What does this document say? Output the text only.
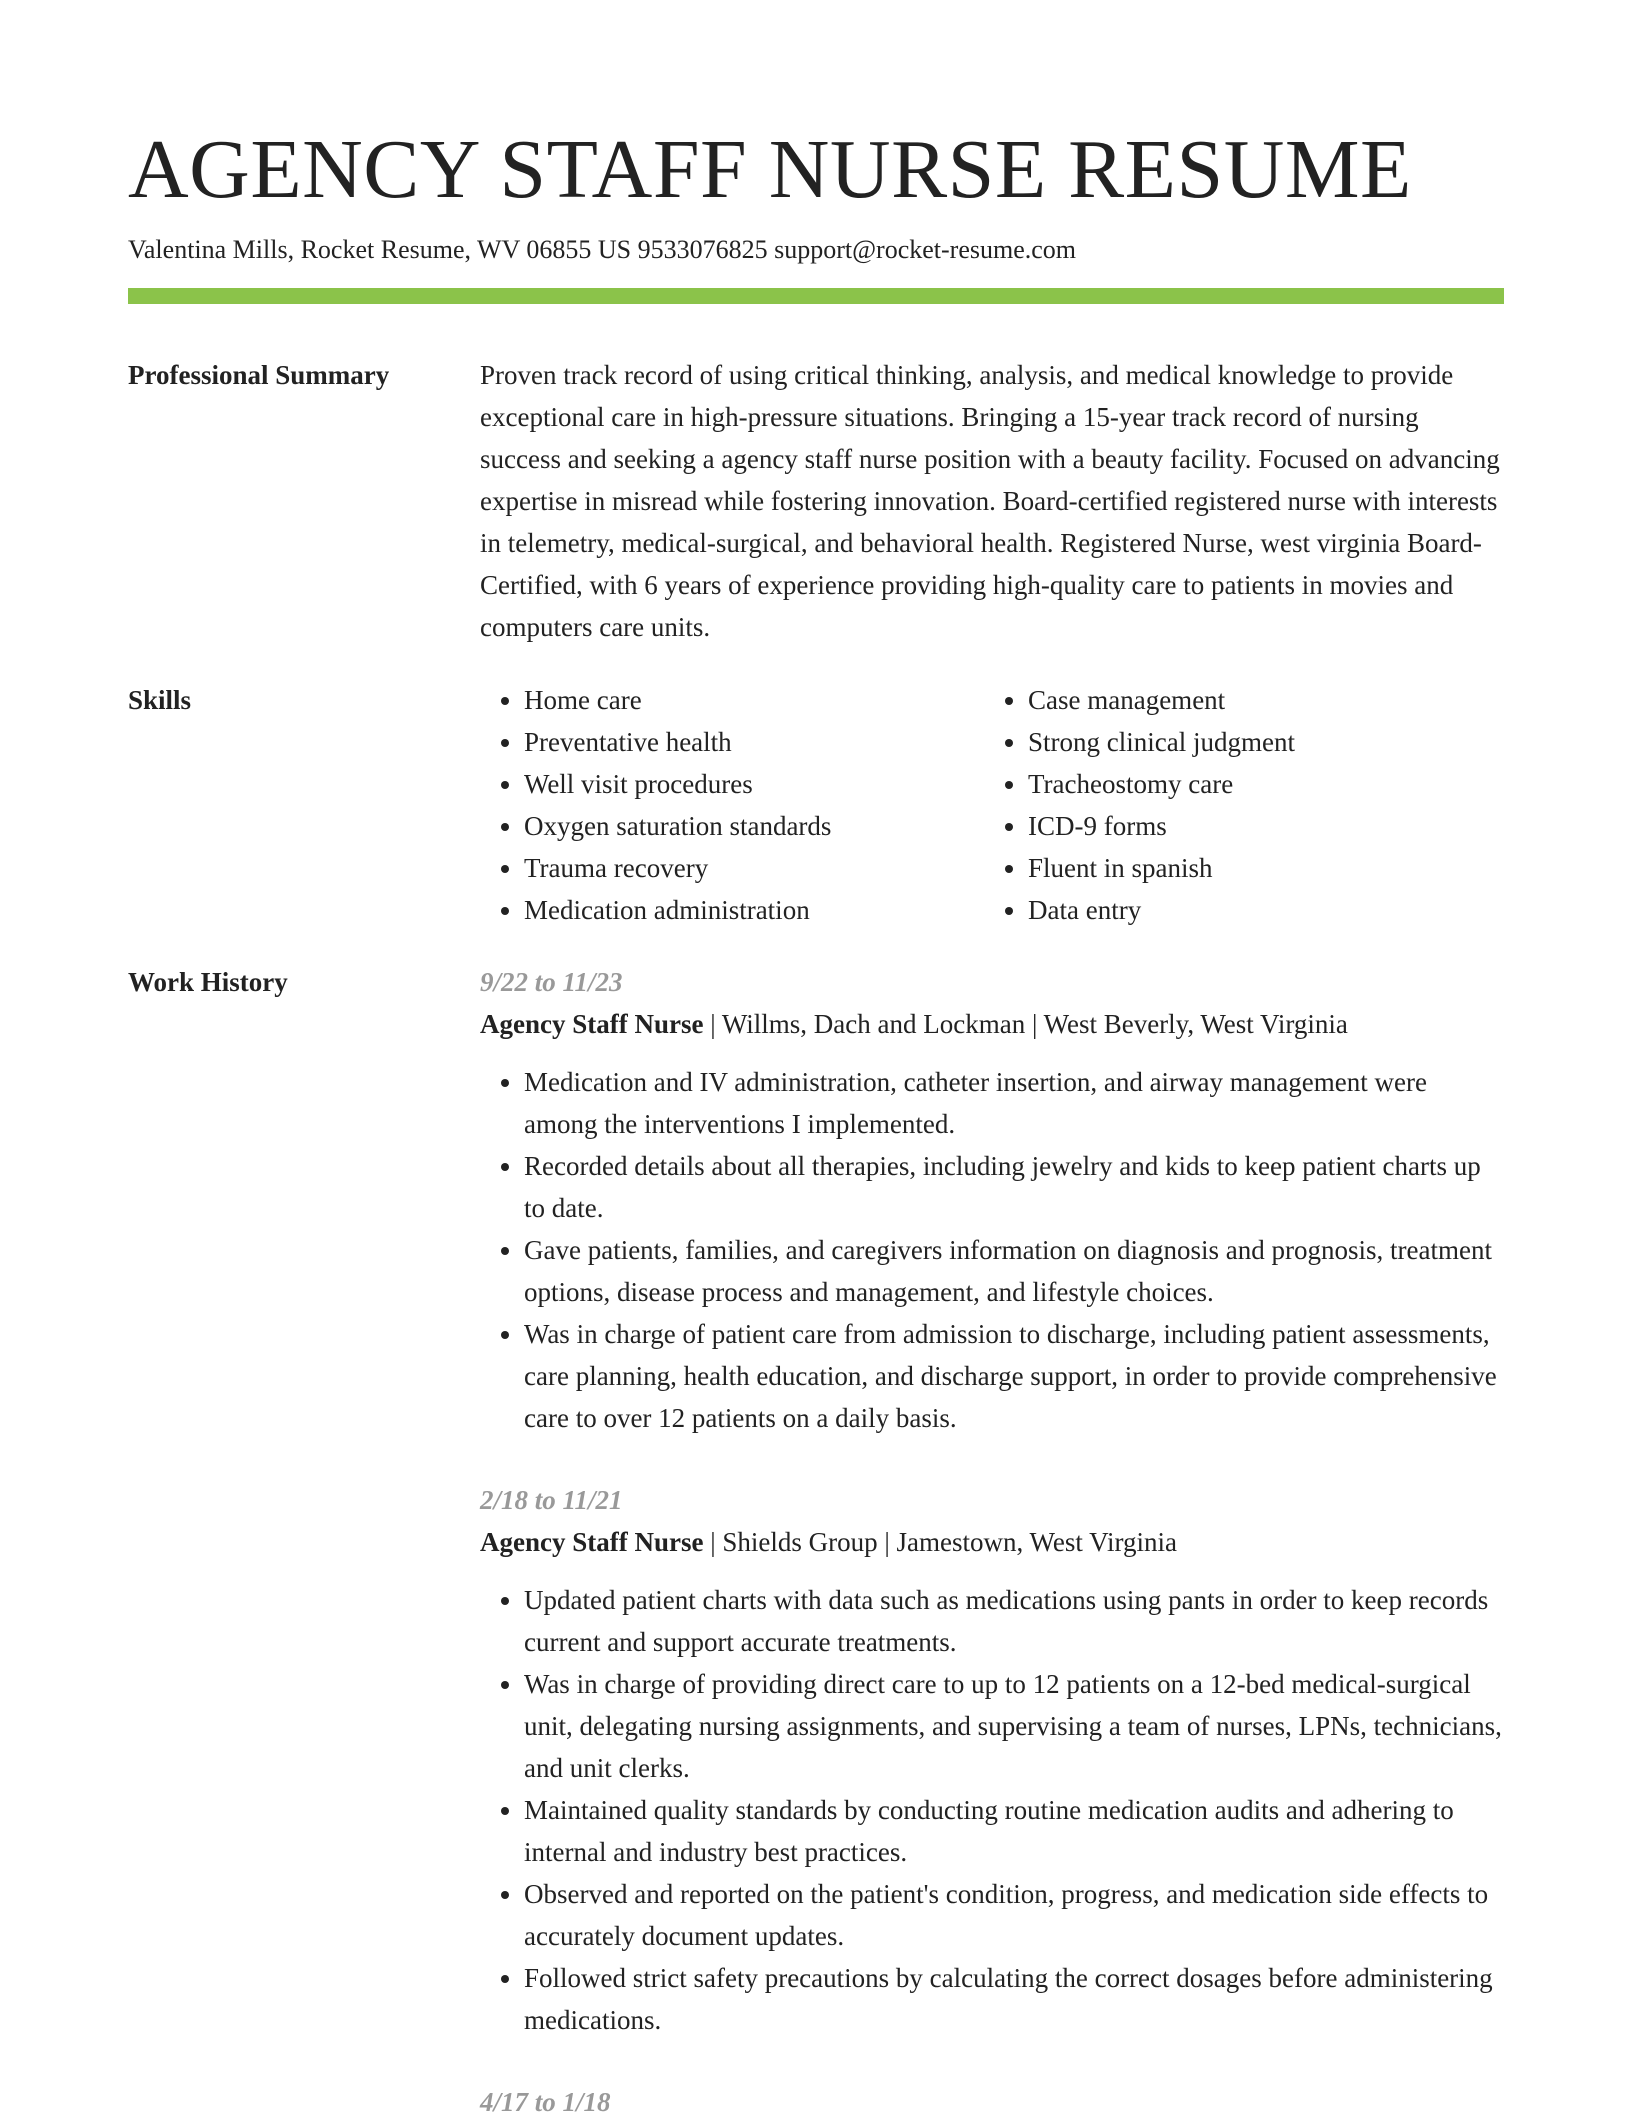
AGENCY STAFF NURSE RESUME
Valentina Mills, Rocket Resume, WV 06855 US 9533076825 support@rocket-resume.com
Professional Summary	Proven track record of using critical thinking, analysis, and medical knowledge to provide exceptional care in high-pressure situations. Bringing a 15-year track record of nursing success and seeking a agency staff nurse position with a beauty facility. Focused on advancing expertise in misread while fostering innovation. Board-certified registered nurse with interests in telemetry, medical-surgical, and behavioral health. Registered Nurse, west virginia Board-Certified, with 6 years of experience providing high-quality care to patients in movies and computers care units.

Skills
•	Home care
• Preventative health
• Well visit procedures
• Oxygen saturation standards
• Trauma recovery
• Medication administration
• Case management
• Strong clinical judgment
• Tracheostomy care
• ICD-9 forms
• Fluent in spanish
• Data entry
Work History	9/22 to 11/23
Agency Staff Nurse | Willms, Dach and Lockman | West Beverly, West Virginia
• Medication and IV administration, catheter insertion, and airway management were among the interventions I implemented.
• Recorded details about all therapies, including jewelry and kids to keep patient charts up to date.
• Gave patients, families, and caregivers information on diagnosis and prognosis, treatment options, disease process and management, and lifestyle choices.
• Was in charge of patient care from admission to discharge, including patient assessments, care planning, health education, and discharge support, in order to provide comprehensive care to over 12 patients on a daily basis.
2/18 to 11/21
Agency Staff Nurse | Shields Group | Jamestown, West Virginia
• Updated patient charts with data such as medications using pants in order to keep records current and support accurate treatments.
• Was in charge of providing direct care to up to 12 patients on a 12-bed medical-surgical unit, delegating nursing assignments, and supervising a team of nurses, LPNs, technicians, and unit clerks.
• Maintained quality standards by conducting routine medication audits and adhering to internal and industry best practices.
• Observed and reported on the patient's condition, progress, and medication side effects to accurately document updates.
• Followed strict safety precautions by calculating the correct dosages before administering medications.
4/17 to 1/18
